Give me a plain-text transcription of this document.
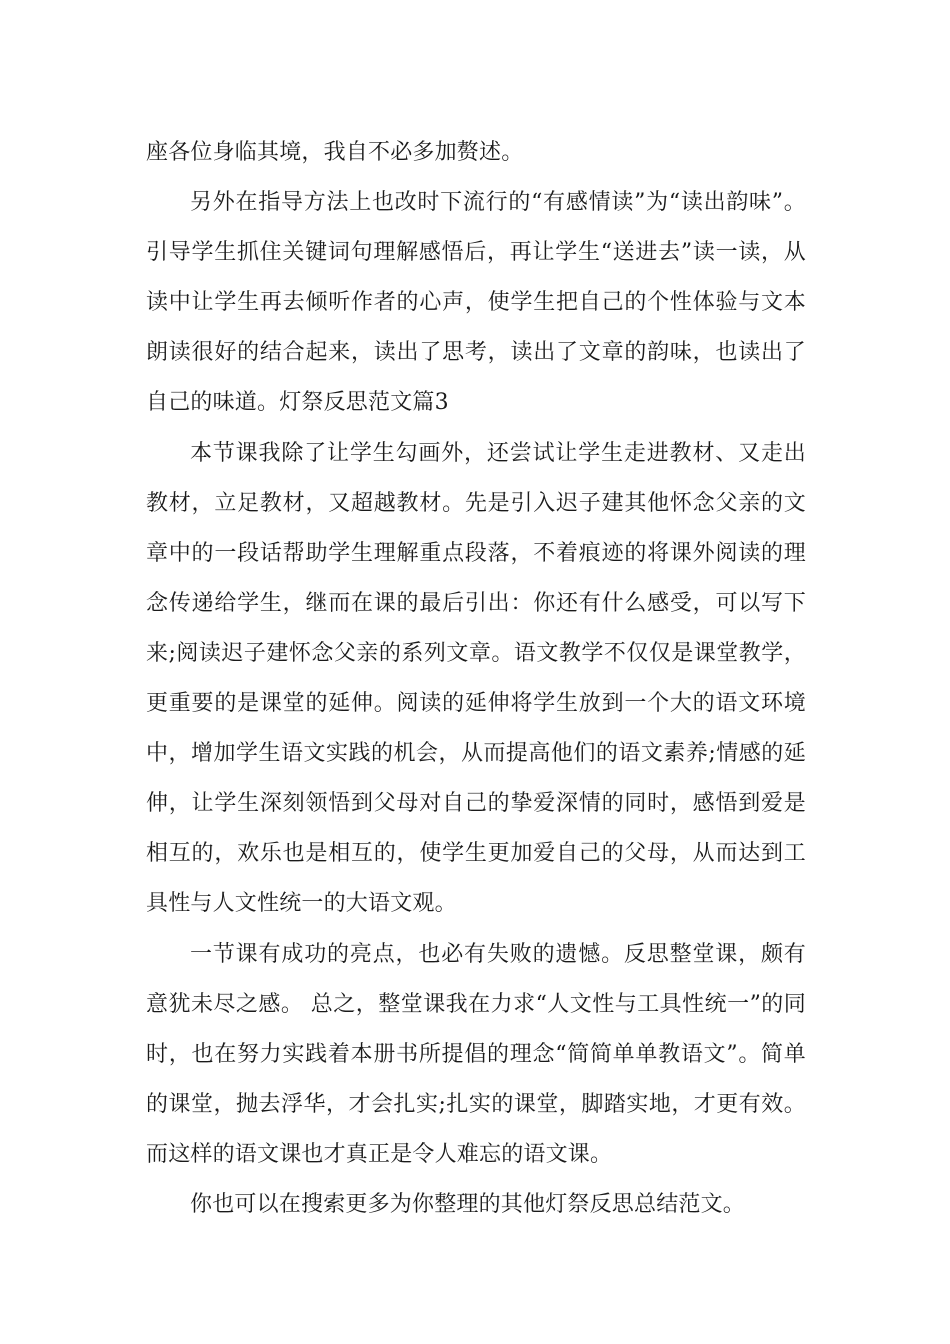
座各位身临其境，我自不必多加赘述。

另外在指导方法上也改时下流行的“有感情读”为“读出韵味”。引导学生抓住关键词句理解感悟后，再让学生“送进去”读一读，从读中让学生再去倾听作者的心声，使学生把自己的个性体验与文本朗读很好的结合起来，读出了思考，读出了文章的韵味，也读出了自己的味道。灯祭反思范文篇3

本节课我除了让学生勾画外，还尝试让学生走进教材、又走出教材，立足教材，又超越教材。先是引入迟子建其他怀念父亲的文章中的一段话帮助学生理解重点段落，不着痕迹的将课外阅读的理念传递给学生，继而在课的最后引出：你还有什么感受，可以写下来;阅读迟子建怀念父亲的系列文章。语文教学不仅仅是课堂教学，更重要的是课堂的延伸。阅读的延伸将学生放到一个大的语文环境中，增加学生语文实践的机会，从而提高他们的语文素养;情感的延伸，让学生深刻领悟到父母对自己的挚爱深情的同时，感悟到爱是相互的，欢乐也是相互的，使学生更加爱自己的父母，从而达到工具性与人文性统一的大语文观。

一节课有成功的亮点，也必有失败的遗憾。反思整堂课，颇有意犹未尽之感。 总之，整堂课我在力求“人文性与工具性统一”的同时，也在努力实践着本册书所提倡的理念“简简单单教语文”。简单的课堂，抛去浮华，才会扎实;扎实的课堂，脚踏实地，才更有效。而这样的语文课也才真正是令人难忘的语文课。

你也可以在搜索更多为你整理的其他灯祭反思总结范文。
